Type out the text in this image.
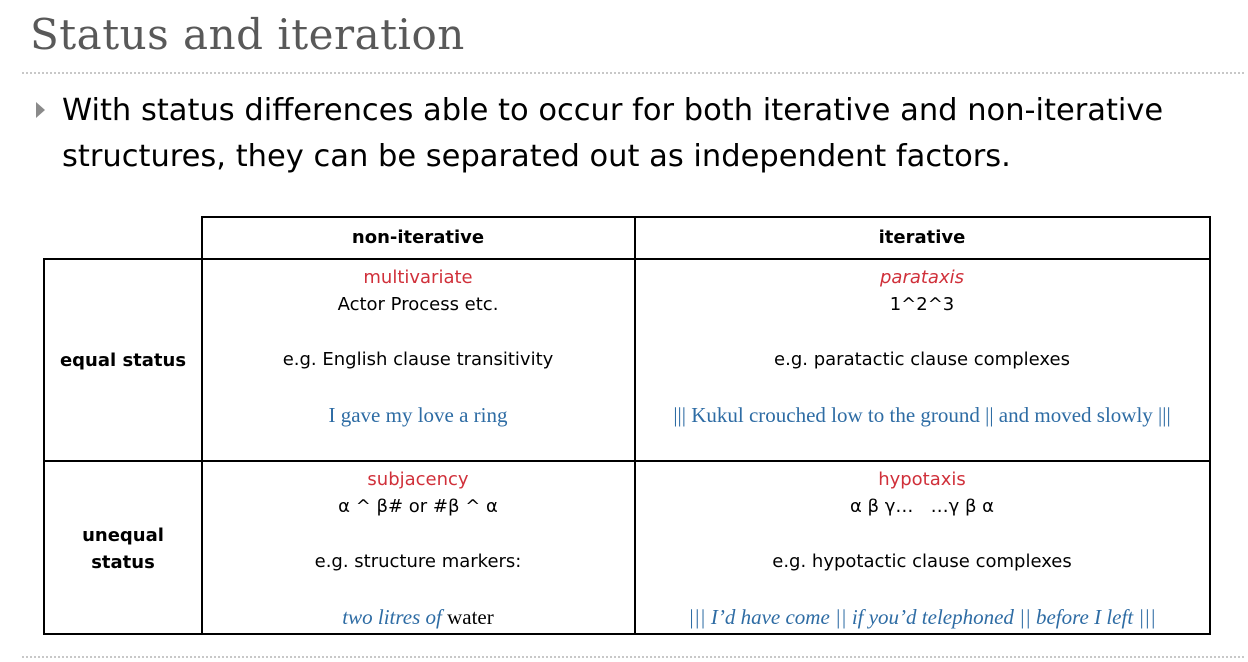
Status and iteration
With status differences able to occur for both iterative and non-iterative structures, they can be separated out as independent factors.
non-iterative	iterative
equal status
unequal
status
multivariate
Actor Process etc.
e.g. English clause transitivity
I gave my love a ring
parataxis
1^2^3
e.g. paratactic clause complexes
||| Kukul crouched low to the ground || and moved slowly |||
subjacency
α ^ β# or #β ^ α
e.g. structure markers:
two litres of water
hypotaxis
α β γ…   …γ β α
e.g. hypotactic clause complexes
||| I’d have come || if you’d telephoned || before I left |||
